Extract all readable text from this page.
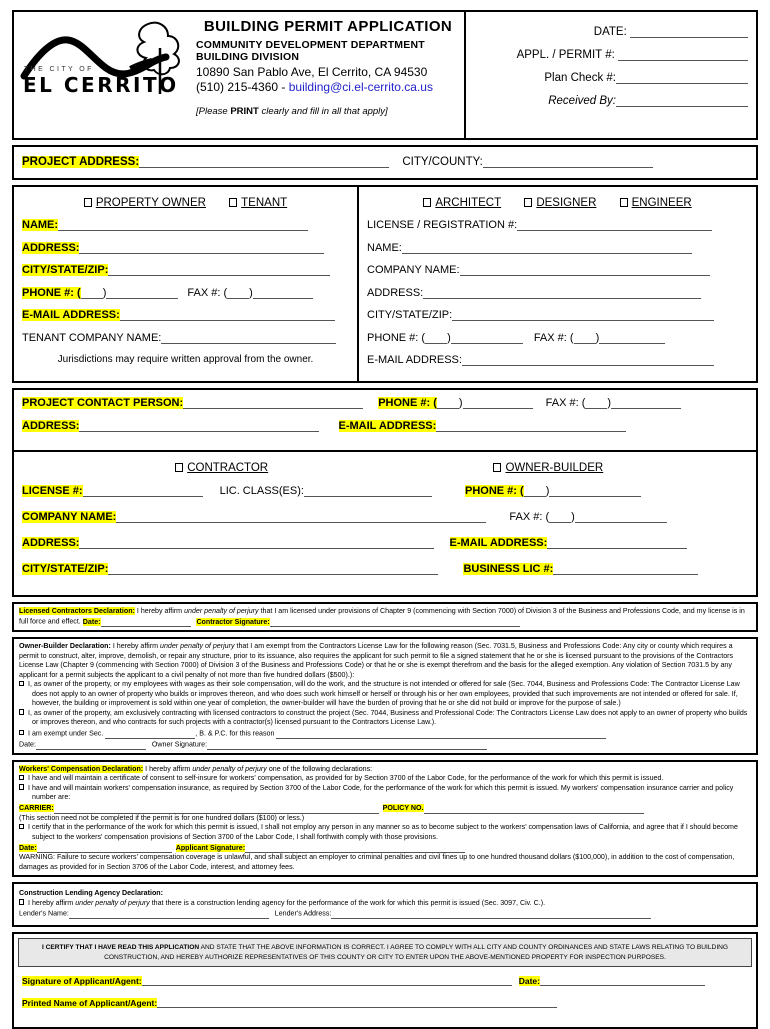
THE CITY OF
EL CERRITO
BUILDING PERMIT APPLICATION
COMMUNITY DEVELOPMENT DEPARTMENT
BUILDING DIVISION
10890 San Pablo Ave, El Cerrito, CA 94530
(510) 215-4360 - building@ci.el-cerrito.ca.us
[Please PRINT clearly and fill in all that apply]
DATE:
APPL. / PERMIT #:
Plan Check #:
Received By:
PROJECT ADDRESS:	CITY/COUNTY:
PROPERTY OWNER	TENANT
NAME:
ADDRESS:
CITY/STATE/ZIP:
PHONE #: ( )	FAX #: ( )
E-MAIL ADDRESS:
TENANT COMPANY NAME:
Jurisdictions may require written approval from the owner.
ARCHITECT	DESIGNER	ENGINEER
LICENSE / REGISTRATION #:
NAME:
COMPANY NAME:
ADDRESS:
CITY/STATE/ZIP:
PHONE #: ( )	FAX #: ( )
E-MAIL ADDRESS:
PROJECT CONTACT PERSON:	PHONE #: ( )	FAX #: ( )
ADDRESS:	E-MAIL ADDRESS:
CONTRACTOR	OWNER-BUILDER
LICENSE #:	LIC. CLASS(ES):	PHONE #: ( )
COMPANY NAME:	FAX #: ( )
ADDRESS:	E-MAIL ADDRESS:
CITY/STATE/ZIP:	BUSINESS LIC #:

Licensed Contractors Declaration: I hereby affirm under penalty of perjury that I am licensed under provisions of Chapter 9 (commencing with Section 7000) of Division 3 of the Business and Professions Code, and my license is in full force and effect. Date:	Contractor Signature:

Owner-Builder Declaration: I hereby affirm under penalty of perjury that I am exempt from the Contractors License Law for the following reason (Sec. 7031.5, Business and Professions Code: Any city or county which requires a permit to construct, alter, improve, demolish, or repair any structure, prior to its issuance, also requires the applicant for such permit to file a signed statement that he or she is licensed pursuant to the provisions of the Contractors License Law (Chapter 9 (commencing with Section 7000) of Division 3 of the Business and Professions Code) or that he or she is exempt therefrom and the basis for the alleged exemption. Any violation of Section 7031.5 by any applicant for a permit subjects the applicant to a civil penalty of not more than five hundred dollars ($500).):

I, as owner of the property, or my employees with wages as their sole compensation, will do the work, and the structure is not intended or offered for sale (Sec. 7044, Business and Professions Code: The Contractor License Law does not apply to an owner of property who builds or improves thereon, and who does such work himself or herself or through his or her own employees, provided that such improvements are not intended or offered for sale. If, however, the building or improvement is sold within one year of completion, the owner-builder will have the burden of proving that he or she did not build or improve for the purpose of sale.)

I, as owner of the property, am exclusively contracting with licensed contractors to construct the project (Sec. 7044, Business and Professional Code: The Contractors License Law does not apply to an owner of property who builds or improves thereon, and who contracts for such projects with a contractor(s) licensed pursuant to the Contractors License Law.).

I am exempt under Sec.	, B. & P.C. for this reason

Date:	Owner Signature:

Workers' Compensation Declaration: I hereby affirm under penalty of perjury one of the following declarations:

I have and will maintain a certificate of consent to self-insure for workers' compensation, as provided for by Section 3700 of the Labor Code, for the performance of the work for which this permit is issued.

I have and will maintain workers' compensation insurance, as required by Section 3700 of the Labor Code, for the performance of the work for which this permit is issued. My workers' compensation insurance carrier and policy number are:

CARRIER:	POLICY NO.

(This section need not be completed if the permit is for one hundred dollars ($100) or less.)

I certify that in the performance of the work for which this permit is issued, I shall not employ any person in any manner so as to become subject to the workers' compensation laws of California, and agree that if I should become subject to the workers' compensation provisions of Section 3700 of the Labor Code, I shall forthwith comply with those provisions.

Date:	Applicant Signature:

WARNING: Failure to secure workers' compensation coverage is unlawful, and shall subject an employer to criminal penalties and civil fines up to one hundred thousand dollars ($100,000), in addition to the cost of compensation, damages as provided for in Section 3706 of the Labor Code, interest, and attorney fees.

Construction Lending Agency Declaration:

I hereby affirm under penalty of perjury that there is a construction lending agency for the performance of the work for which this permit is issued (Sec. 3097, Civ. C.).

Lender's Name:	Lender's Address:

I CERTIFY THAT I HAVE READ THIS APPLICATION AND STATE THAT THE ABOVE INFORMATION IS CORRECT. I AGREE TO COMPLY WITH ALL CITY AND COUNTY ORDINANCES AND STATE LAWS RELATING TO BUILDING CONSTRUCTION, AND HEREBY AUTHORIZE REPRESENTATIVES OF THIS COUNTY OR CITY TO ENTER UPON THE ABOVE-MENTIONED PROPERTY FOR INSPECTION PURPOSES.
Signature of Applicant/Agent:	Date:
Printed Name of Applicant/Agent:
